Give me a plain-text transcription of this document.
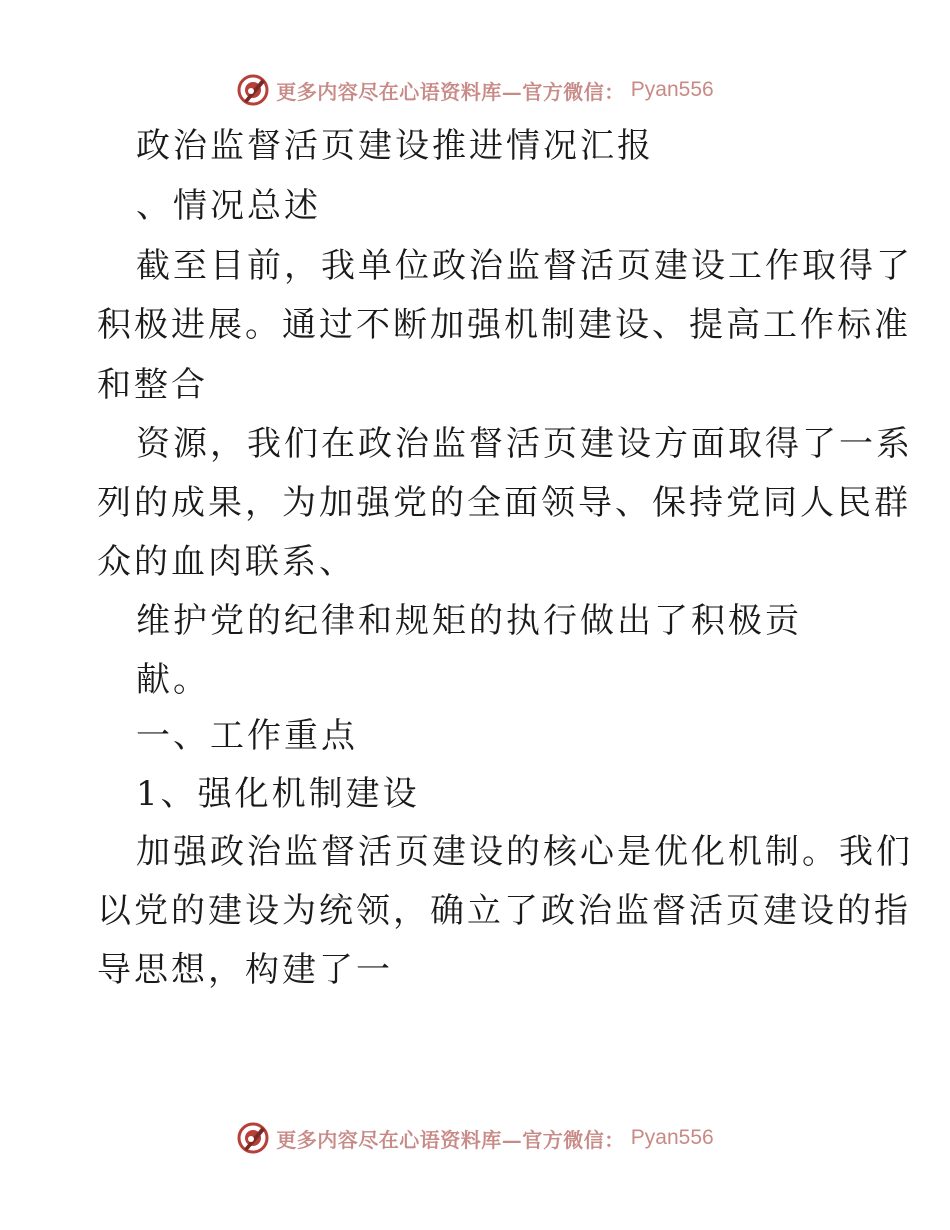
更多内容尽在心语资料库—官方微信： Pyan556
政治监督活页建设推进情况汇报
、情况总述
截至目前，我单位政治监督活页建设工作取得了
积极进展。通过不断加强机制建设、提高工作标准
和整合
资源，我们在政治监督活页建设方面取得了一系
列的成果，为加强党的全面领导、保持党同人民群
众的血肉联系、
维护党的纪律和规矩的执行做出了积极贡
献。
一、工作重点
1、强化机制建设
加强政治监督活页建设的核心是优化机制。我们
以党的建设为统领，确立了政治监督活页建设的指
导思想，构建了一
更多内容尽在心语资料库—官方微信： Pyan556
